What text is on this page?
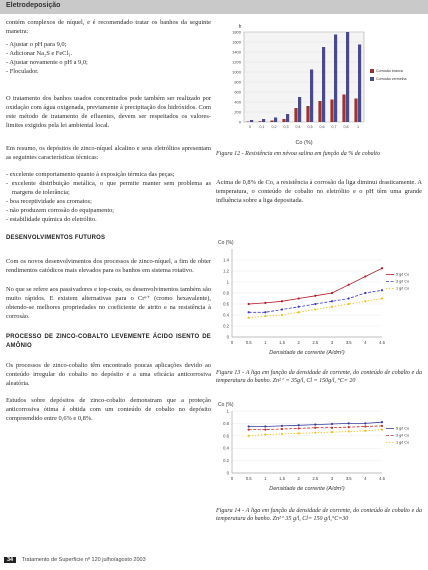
Eletrodeposição

contém complexos de níquel, e é recomendado tratar os banhos da seguinte maneira:

- Ajustar o pH para 9,0;
- Adicionar Na₂S e FeCl₃.
- Ajustar novamente o pH a 9,0;
- Floculador.

O tratamento dos banhos usados concentrados pode também ser realizado por oxidação com água oxigenada, previamente à precipitação dos hidróxidos. Com este método de tratamento de efluentes, devem ser respeitados os valores-limites exigidos pela lei ambiental local.

Em resumo, os depósitos de zinco-níquel alcalino e seus eletrólitos apresentam as seguintes características técnicas:

- excelente comportamento quanto à exposição térmica das peças;
- excelente distribuição metálica, o que permite manter sem problema as margens de tolerância;
- boa receptividade aos cromatos;
- não produzem corrosão do equipamento;
- estabilidade química do eletrólito.
DESENVOLVIMENTOS FUTUROS

Com os novos desenvolvimentos dos processos de zinco-níquel, a fim de obter rendimentos catódicos mais elevados para os banhos em sistema rotativo.

No que se refere aos passivadores e top-coats, os desenvolvimentos também são muito rápidos. E existem alternativas para o Cr⁶⁺ (cromo hexavalente), obtendo-se melhores propriedades no coeficiente de atrito e na resistência à corrosão.

PROCESSO DE ZINCO-COBALTO LEVEMENTE ÁCIDO ISENTO DE AMÔNIO

Os processos de zinco-cobalto têm encontrado poucas aplicações devido ao conteúdo irregular do cobalto no depósito e a uma eficácia anticorrosiva aleatória.

Estudos sobre depósitos de zinco-cobalto demonstram que a proteção anticorrosiva ótima é obtida com um conteúdo de cobalto no depósito compreendido entre 0,6% e 0,8%.

h
0
200
400
600
800
1000
1200
1400
1600
1800
0 0,1 0,2 0,3 0,4 0,5 0,6 0,7 0,8 1
Co (%)
Corrosão branca
Corrosão vermelha
Figura 12 - Resistência em névoa salina em função da % de cobalto
Acima de 0,8% de Co, a resistência à corrosão da liga diminui drasticamente. A temperatura, o conteúdo de cobalto no eletrólito e o pH têm uma grande influência sobre a liga depositada.
Co (%)
0
0.2
0.4
0.6
0.8
1
1.2
1.4
0	0.5	1	1.5	2	2.5	3	3.5	4	4.5
5 g/l Co
3 g/l Co
1 g/l Co
Densidade de corrente (A/dm²)
Figura 13 - A liga em função da densidade de corrente, do conteúdo de cobalto e da temperatura do banho. Zn²⁺ = 35g/l, Cl = 150g/l, °C= 20
Co (%)
0
0.2
0.4
0.6
0.8
1
0	0.5	1	1.5	2	2.5	3	3.5	4	4.5
5 g/l Co
3 g/l Co
1 g/l Co
Densidade de corrente (A/dm²)
Figura 14 - A liga em função da densidade de corrente, do conteúdo de cobalto e da temperatura do banho. Zn²⁺ 35 g/l, Cl= 150 g/l,°C=30
34 Tratamento de Superfície nº 120 julho/agosto 2003
